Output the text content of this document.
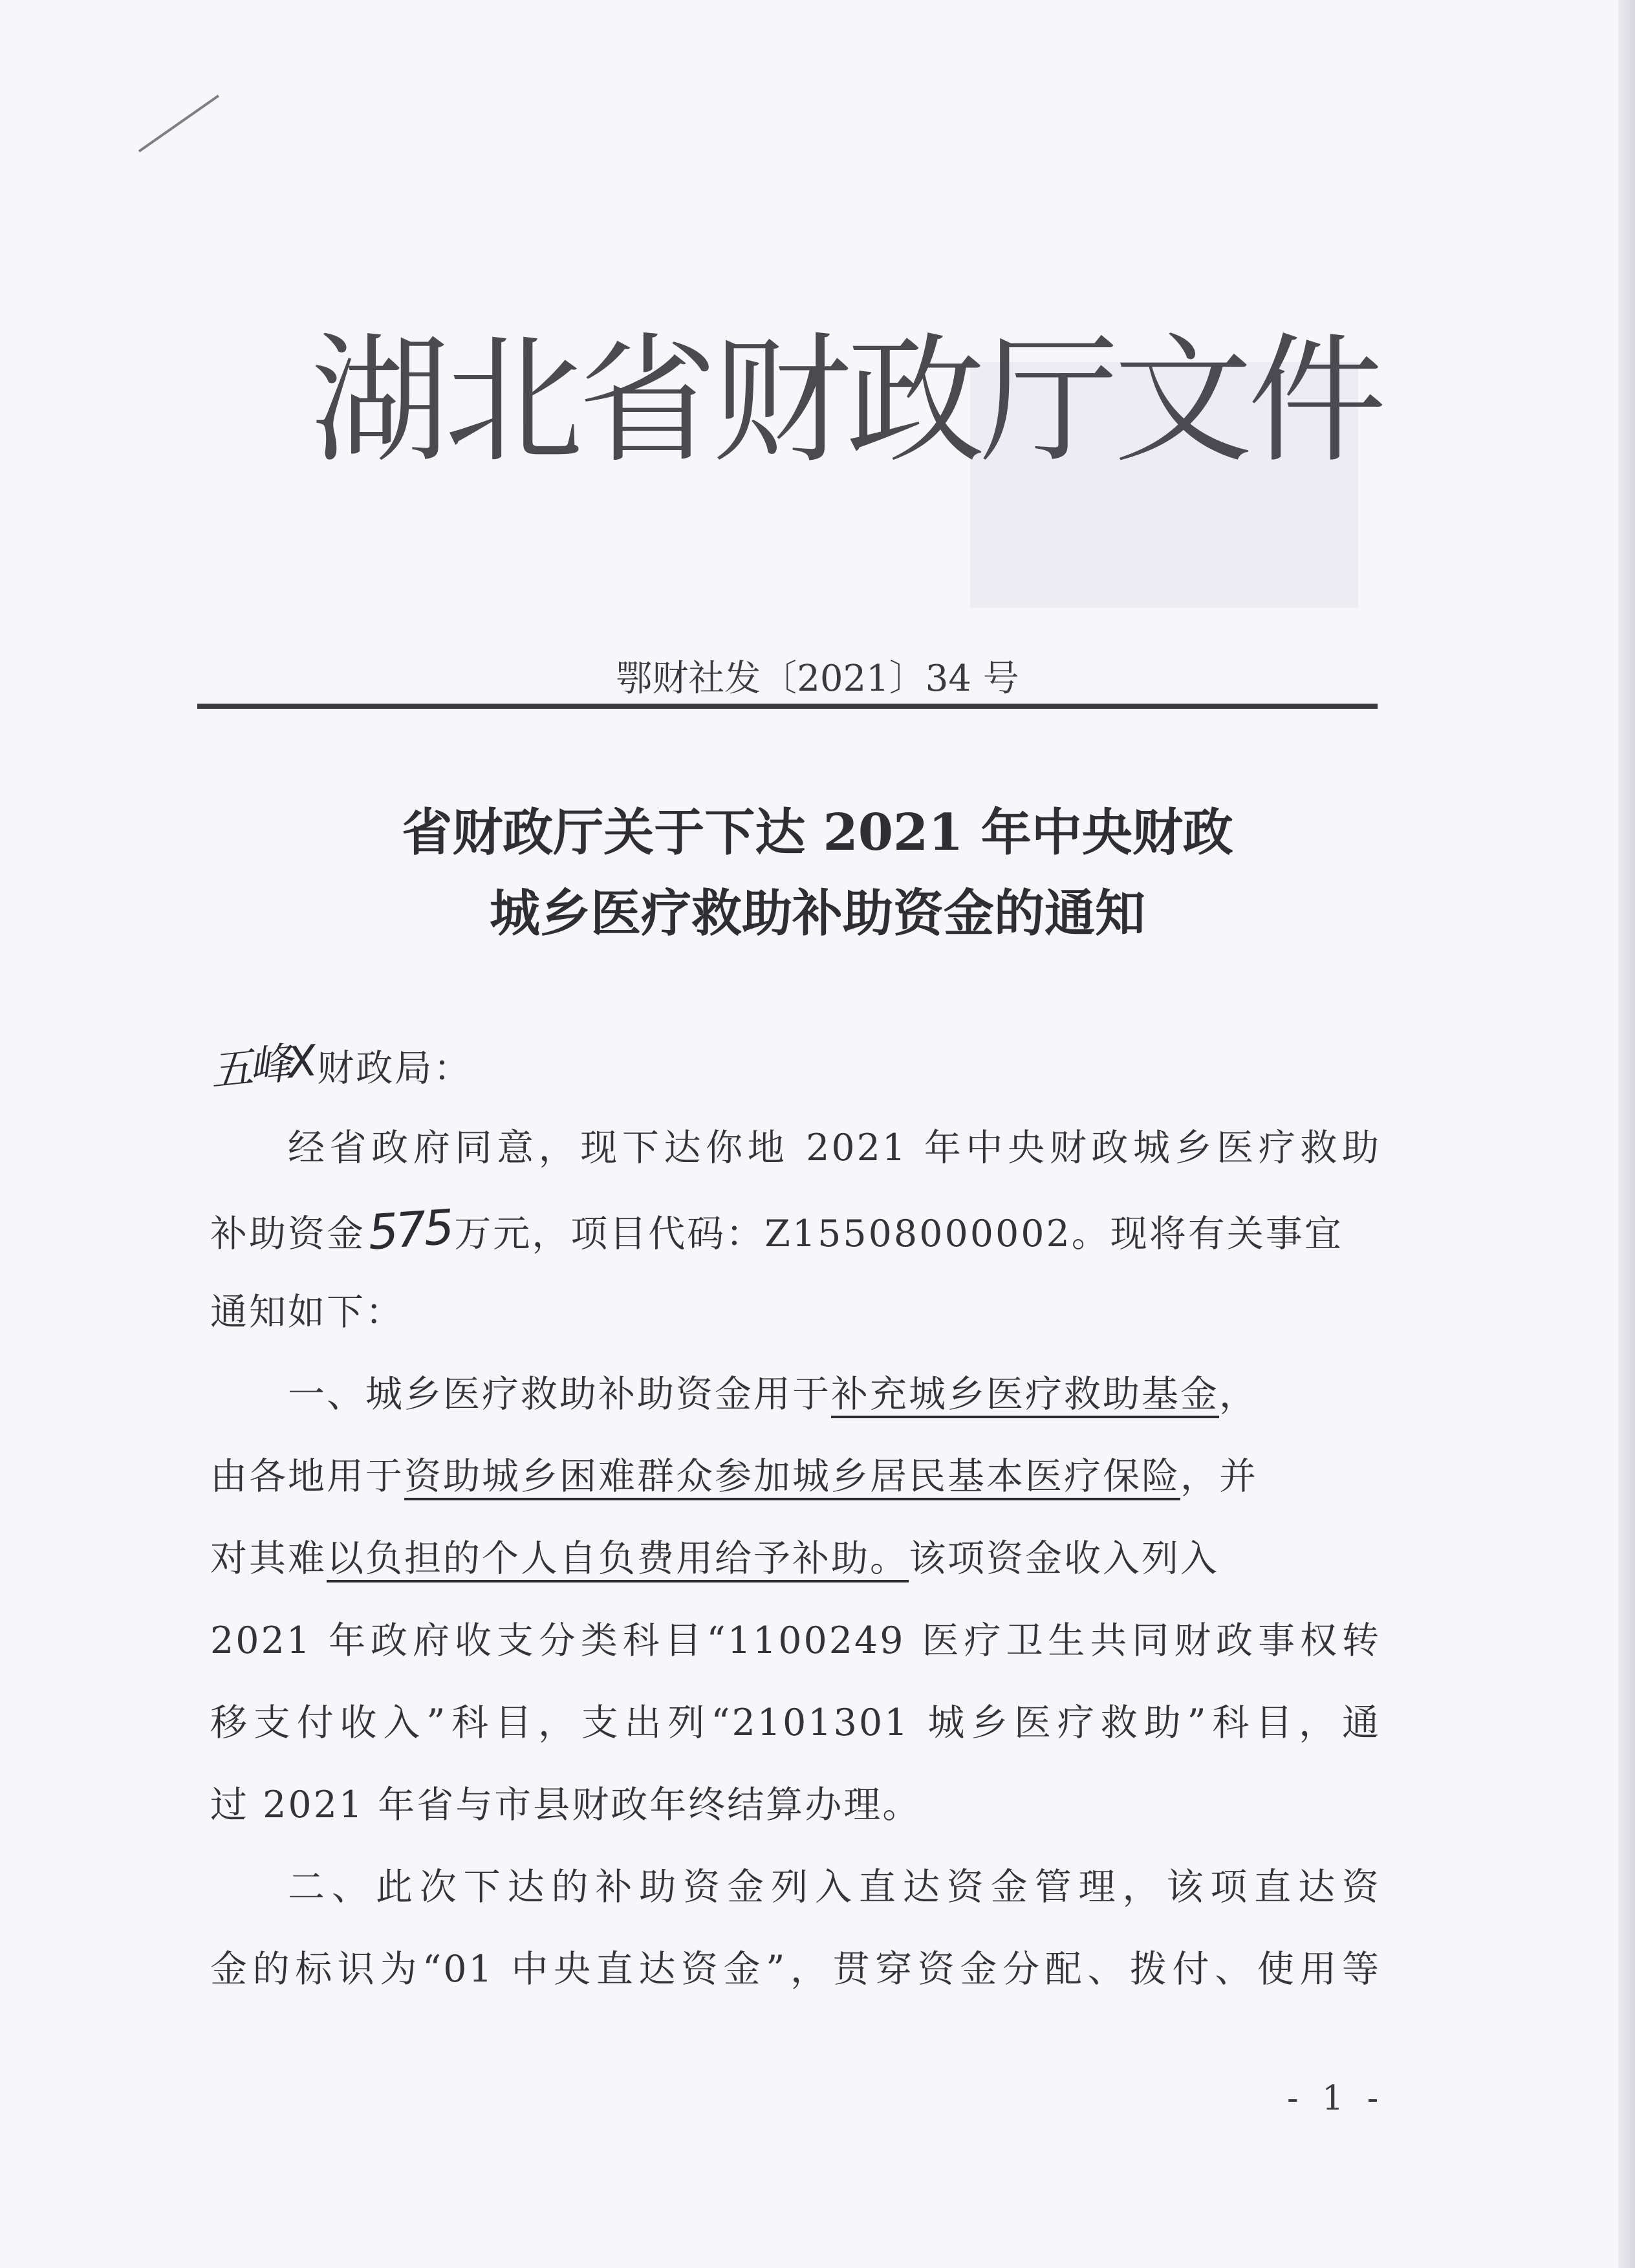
湖北省财政厅文件
鄂财社发〔2021〕34 号
省财政厅关于下达 2021 年中央财政
城乡医疗救助补助资金的通知
五峰X财政局：
经省政府同意，现下达你地 2021 年中央财政城乡医疗救助
补助资金575万元，项目代码：Z15508000002。现将有关事宜
通知如下：
一、城乡医疗救助补助资金用于补充城乡医疗救助基金，
由各地用于资助城乡困难群众参加城乡居民基本医疗保险，并
对其难以负担的个人自负费用给予补助。该项资金收入列入
2021 年政府收支分类科目“1100249 医疗卫生共同财政事权转
移支付收入”科目，支出列“2101301 城乡医疗救助”科目，通
过 2021 年省与市县财政年终结算办理。
二、此次下达的补助资金列入直达资金管理，该项直达资
金的标识为“01 中央直达资金”，贯穿资金分配、拨付、使用等
- 1 -
